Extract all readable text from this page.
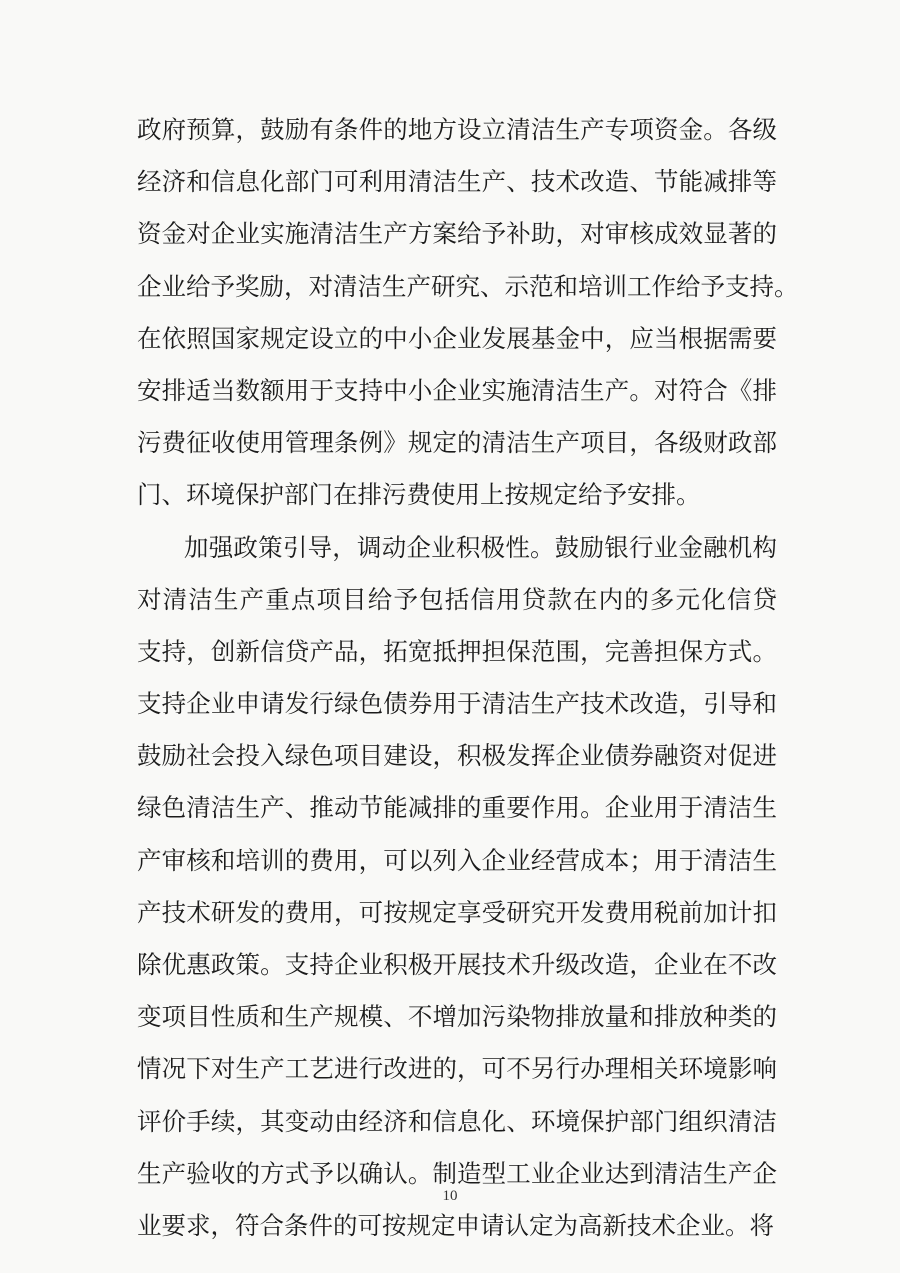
政府预算，鼓励有条件的地方设立清洁生产专项资金。各级
经济和信息化部门可利用清洁生产、技术改造、节能减排等
资金对企业实施清洁生产方案给予补助，对审核成效显著的
企业给予奖励，对清洁生产研究、示范和培训工作给予支持。
在依照国家规定设立的中小企业发展基金中，应当根据需要
安排适当数额用于支持中小企业实施清洁生产。对符合《排
污费征收使用管理条例》规定的清洁生产项目，各级财政部
门、环境保护部门在排污费使用上按规定给予安排。
加强政策引导，调动企业积极性。鼓励银行业金融机构
对清洁生产重点项目给予包括信用贷款在内的多元化信贷
支持，创新信贷产品，拓宽抵押担保范围，完善担保方式。
支持企业申请发行绿色债券用于清洁生产技术改造，引导和
鼓励社会投入绿色项目建设，积极发挥企业债券融资对促进
绿色清洁生产、推动节能减排的重要作用。企业用于清洁生
产审核和培训的费用，可以列入企业经营成本；用于清洁生
产技术研发的费用，可按规定享受研究开发费用税前加计扣
除优惠政策。支持企业积极开展技术升级改造，企业在不改
变项目性质和生产规模、不增加污染物排放量和排放种类的
情况下对生产工艺进行改进的，可不另行办理相关环境影响
评价手续，其变动由经济和信息化、环境保护部门组织清洁
生产验收的方式予以确认。制造型工业企业达到清洁生产企
业要求，符合条件的可按规定申请认定为高新技术企业。将
10
